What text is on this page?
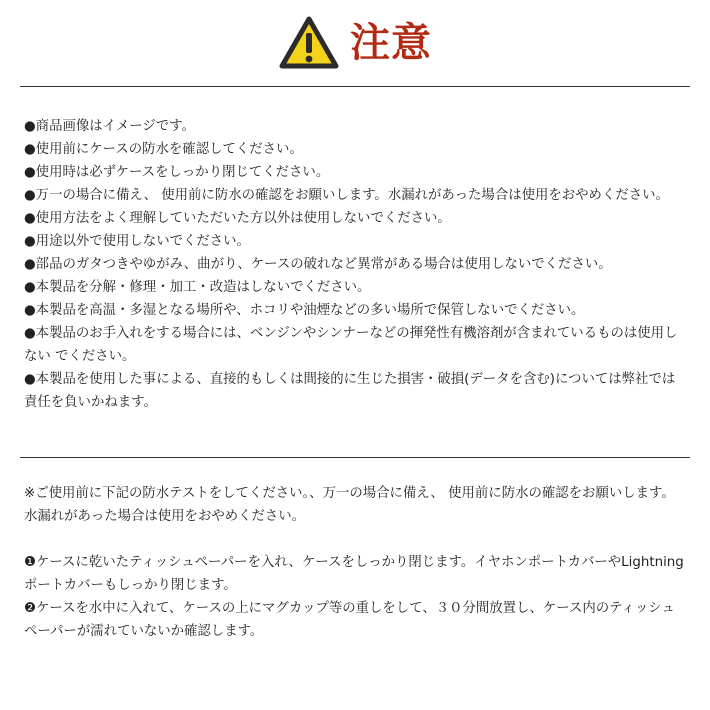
注意
●商品画像はイメージです。
●使用前にケースの防水を確認してください。
●使用時は必ずケースをしっかり閉じてください。
●万一の場合に備え、 使用前に防水の確認をお願いします。水漏れがあった場合は使用をおやめください。
●使用方法をよく理解していただいた方以外は使用しないでください。
●用途以外で使用しないでください。
●部品のガタつきやゆがみ、曲がり、ケースの破れなど異常がある場合は使用しないでください。
●本製品を分解・修理・加工・改造はしないでください。
●本製品を高温・多湿となる場所や、ホコリや油煙などの多い場所で保管しないでください。
●本製品のお手入れをする場合には、ベンジンやシンナーなどの揮発性有機溶剤が含まれているものは使用しない でください。
●本製品を使用した事による、直接的もしくは間接的に生じた損害・破損(データを含む)については弊社では責任を負いかねます。

※ご使用前に下記の防水テストをしてください。、万一の場合に備え、 使用前に防水の確認をお願いします。水漏れがあった場合は使用をおやめください。

❶ケースに乾いたティッシュペーパーを入れ、ケースをしっかり閉じます。イヤホンポートカバーやLightningポートカバーもしっかり閉じます。

❷ケースを水中に入れて、ケースの上にマグカップ等の重しをして、３０分間放置し、ケース内のティッシュペーパーが濡れていないか確認します。
